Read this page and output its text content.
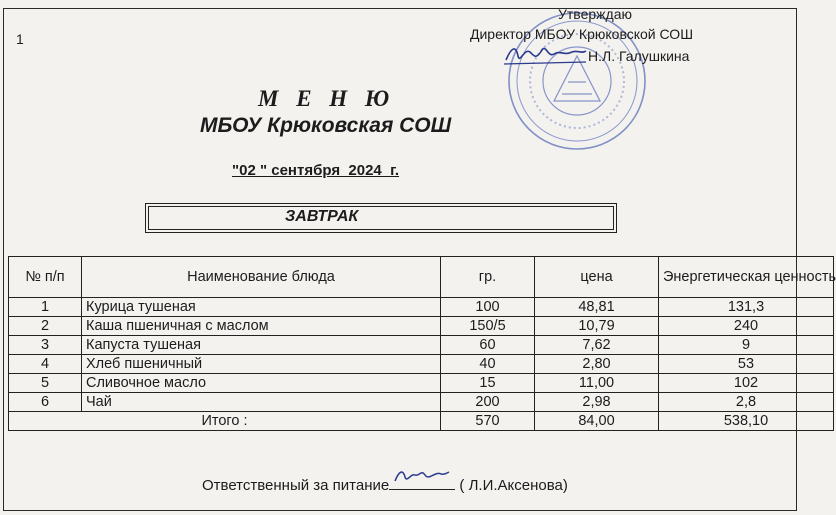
1
Утверждаю
Директор МБОУ Крюковской СОШ
Н.Л. Галушкина
М Е Н Ю
МБОУ Крюковская СОШ
"02 " сентября  2024  г.
ЗАВТРАК
№ п/п	Наименование блюда	гр.	цена	Энергетическая ценность
1	Курица тушеная	100	48,81	131,3
2	Каша пшеничная с маслом	150/5	10,79	240
3	Капуста тушеная	60	7,62	9
4	Хлеб пшеничный	40	2,80	53
5	Сливочное масло	15	11,00	102
6	Чай	200	2,98	2,8
Итого :		570	84,00	538,10
Ответственный за питание	( Л.И.Аксенова)
